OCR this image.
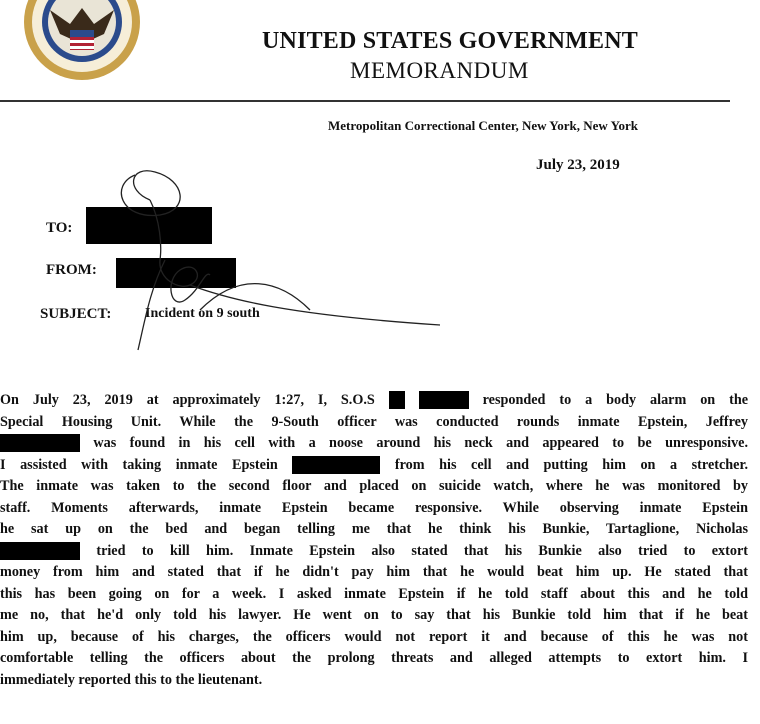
UNITED STATES GOVERNMENT
MEMORANDUM
Metropolitan Correctional Center, New York, New York
July 23, 2019
TO:
FROM:
SUBJECT: Incident on 9 south
On July 23, 2019 at approximately 1:27, I, S.O.S	responded to a body alarm on the
Special Housing Unit. While the 9-South officer was conducted rounds inmate Epstein, Jeffrey
was found in his cell with a noose around his neck and appeared to be unresponsive.
I assisted with taking inmate Epstein	from his cell and putting him on a stretcher.
The inmate was taken to the second floor and placed on suicide watch, where he was monitored by
staff. Moments afterwards, inmate Epstein became responsive. While observing inmate Epstein
he sat up on the bed and began telling me that he think his Bunkie, Tartaglione, Nicholas
tried to kill him. Inmate Epstein also stated that his Bunkie also tried to extort
money from him and stated that if he didn't pay him that he would beat him up. He stated that
this has been going on for a week. I asked inmate Epstein if he told staff about this and he told
me no, that he'd only told his lawyer. He went on to say that his Bunkie told him that if he beat
him up, because of his charges, the officers would not report it and because of this he was not
comfortable telling the officers about the prolong threats and alleged attempts to extort him. I
immediately reported this to the lieutenant.
